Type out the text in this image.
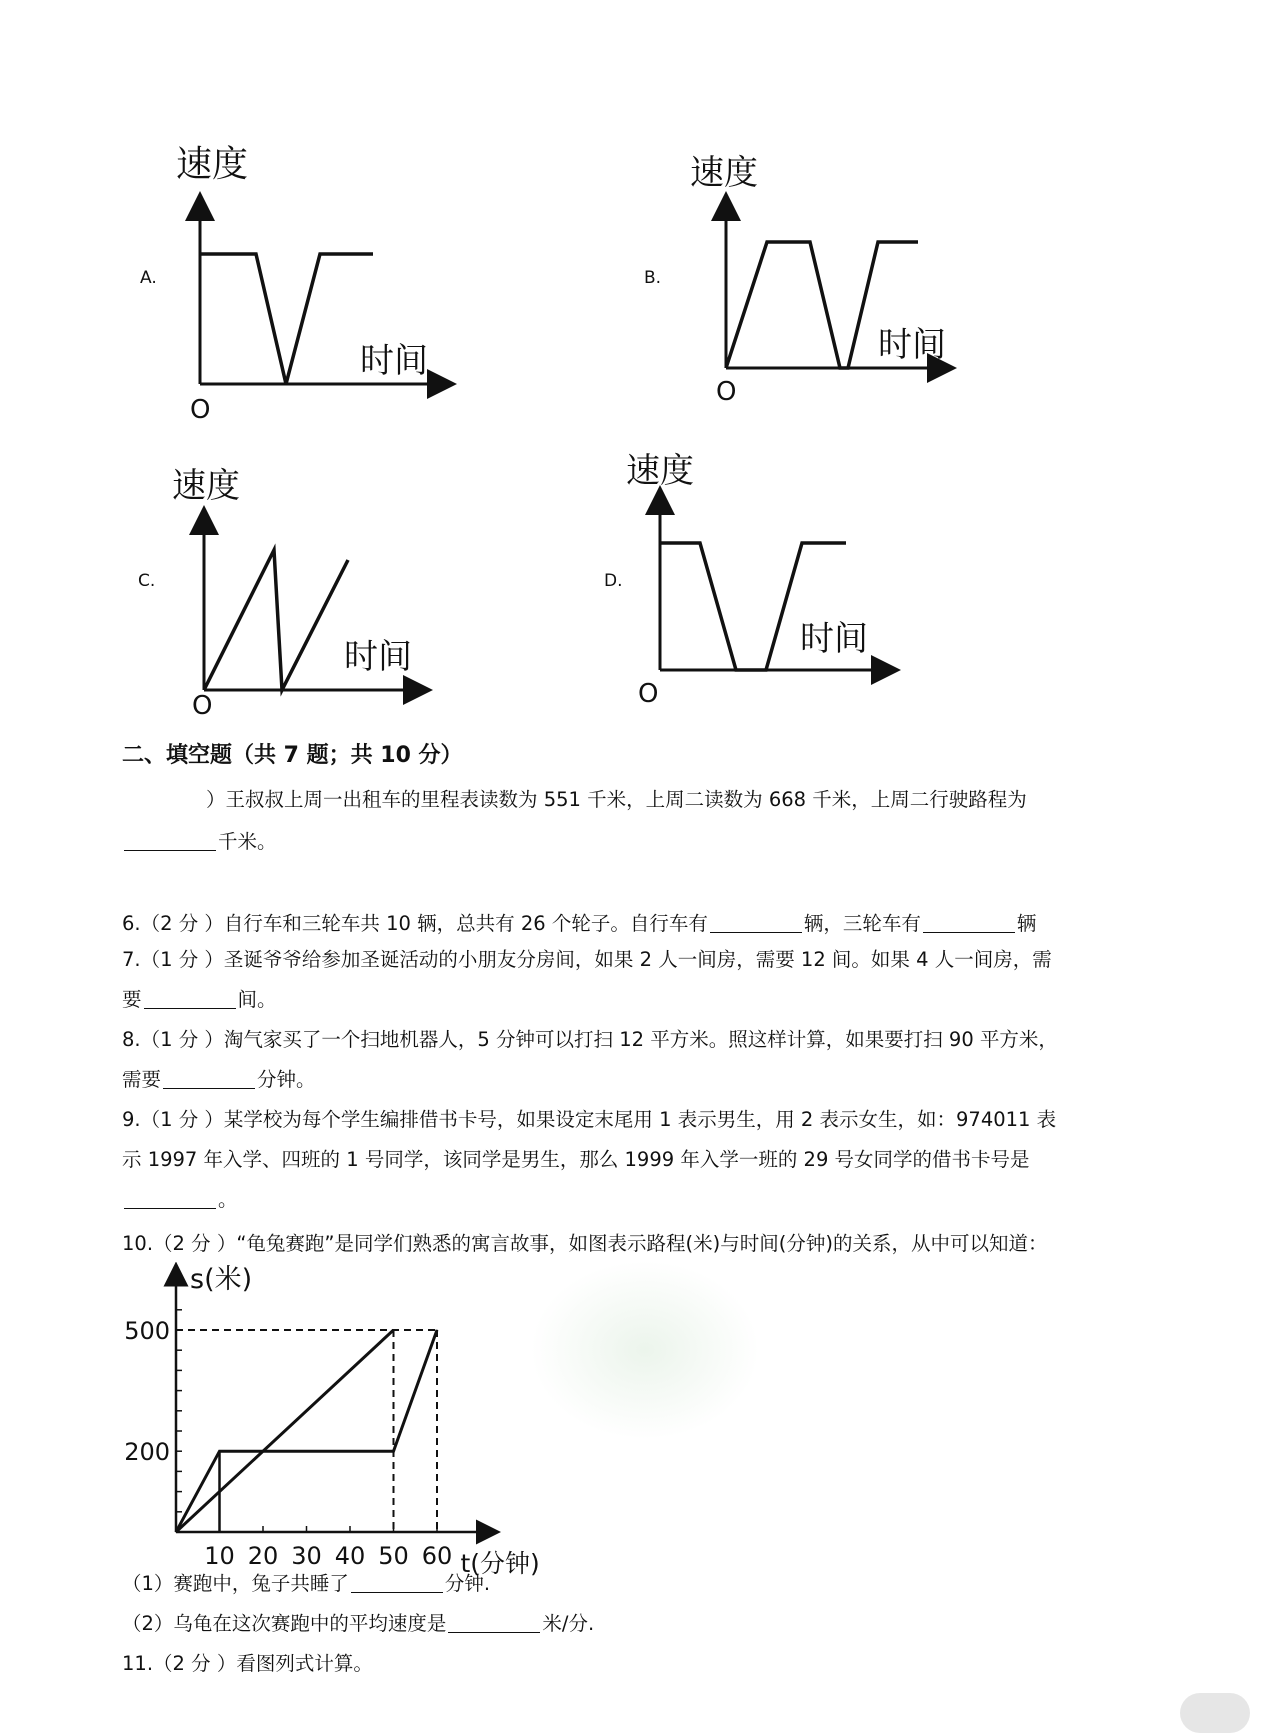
A.
速度
时间
O
B.
速度
时间
O
C.
速度
时间
O
D.
速度
时间
O
二、填空题（共 7 题；共 10 分）
）王叔叔上周一出租车的里程表读数为 551 千米，上周二读数为 668 千米，上周二行驶路程为
千米。
6.（2 分 ）自行车和三轮车共 10 辆，总共有 26 个轮子。自行车有	辆，三轮车有	辆
7.（1 分 ）圣诞爷爷给参加圣诞活动的小朋友分房间，如果 2 人一间房，需要 12 间。如果 4 人一间房，需
要	间。
8.（1 分 ）淘气家买了一个扫地机器人，5 分钟可以打扫 12 平方米。照这样计算，如果要打扫 90 平方米，
需要	分钟。
9.（1 分 ）某学校为每个学生编排借书卡号，如果设定末尾用 1 表示男生，用 2 表示女生，如：974011 表
示 1997 年入学、四班的 1 号同学，该同学是男生，那么 1999 年入学一班的 29 号女同学的借书卡号是
。
10.（2 分 ）“龟兔赛跑”是同学们熟悉的寓言故事，如图表示路程(米)与时间(分钟)的关系，从中可以知道：
10 20 30 40 50 60
200
500
s(米)
t(分钟)
（1）赛跑中，兔子共睡了	分钟.
（2）乌龟在这次赛跑中的平均速度是	米/分.
11.（2 分 ）看图列式计算。
